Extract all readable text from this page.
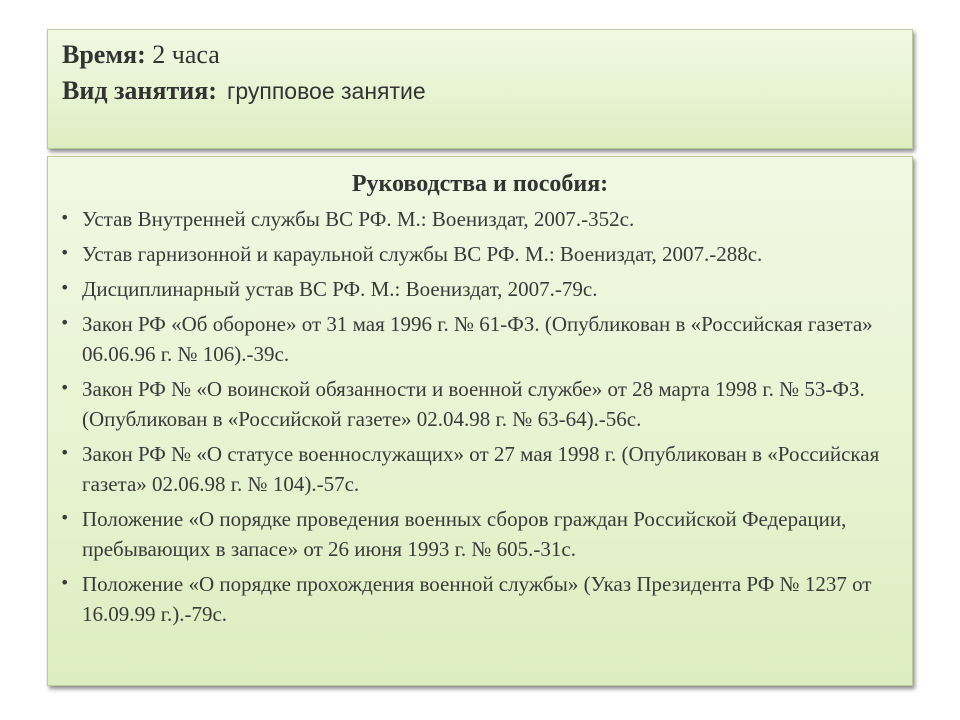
Время: 2 часа
Вид занятия: групповое занятие
Руководства и пособия:
• Устав Внутренней службы ВС РФ. М.: Воениздат, 2007.-352с.
• Устав гарнизонной и караульной службы ВС РФ. М.: Воениздат, 2007.-288с.
• Дисциплинарный устав ВС РФ. М.: Воениздат, 2007.-79с.
• Закон РФ «Об обороне» от 31 мая 1996 г. № 61-ФЗ. (Опубликован в «Российская газета» 06.06.96 г. № 106).-39с.
• Закон РФ № «О воинской обязанности и военной службе» от 28 марта 1998 г. № 53-ФЗ. (Опубликован в «Российской газете» 02.04.98 г. № 63-64).-56с.
• Закон РФ № «О статусе военнослужащих» от 27 мая 1998 г. (Опубликован в «Российская газета» 02.06.98 г. № 104).-57с.
• Положение «О порядке проведения военных сборов граждан Российской Федерации, пребывающих в запасе» от 26 июня 1993 г. № 605.-31с.
• Положение «О порядке прохождения военной службы» (Указ Президента РФ № 1237 от 16.09.99 г.).-79с.
